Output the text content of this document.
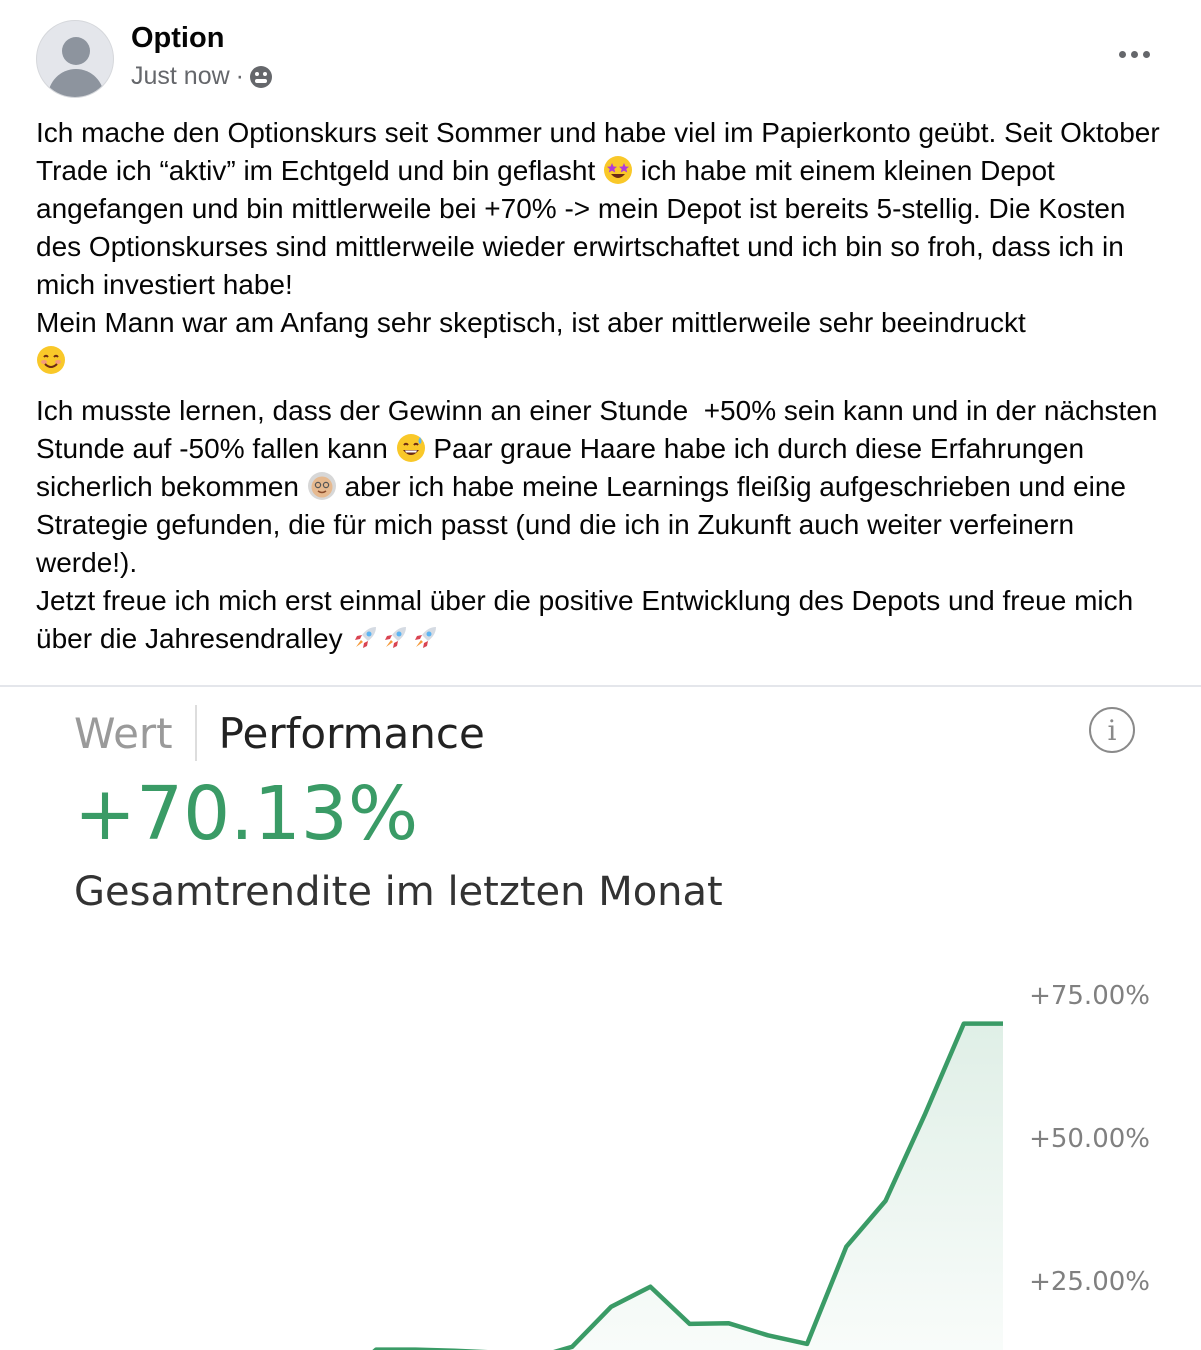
Option
Just now ·

Ich mache den Optionskurs seit Sommer und habe viel im Papierkonto geübt. Seit Oktober Trade ich “aktiv” im Echtgeld und bin geflasht ich habe mit einem kleinen Depot angefangen und bin mittlerweile bei +70% -> mein Depot ist bereits 5-stellig. Die Kosten des Optionskurses sind mittlerweile wieder erwirtschaftet und ich bin so froh, dass ich in mich investiert habe!

Mein Mann war am Anfang sehr skeptisch, ist aber mittlerweile sehr beeindruckt

Ich musste lernen, dass der Gewinn an einer Stunde  +50% sein kann und in der nächsten Stunde auf -50% fallen kann Paar graue Haare habe ich durch diese Erfahrungen sicherlich bekommen aber ich habe meine Learnings fleißig aufgeschrieben und eine Strategie gefunden, die für mich passt (und die ich in Zukunft auch weiter verfeinern werde!).
Jetzt freue ich mich erst einmal über die positive Entwicklung des Depots und freue mich über die Jahresendralley

Wert Performance	i
+70.13%
Gesamtrendite im letzten Monat
+75.00%
+50.00%
+25.00%
